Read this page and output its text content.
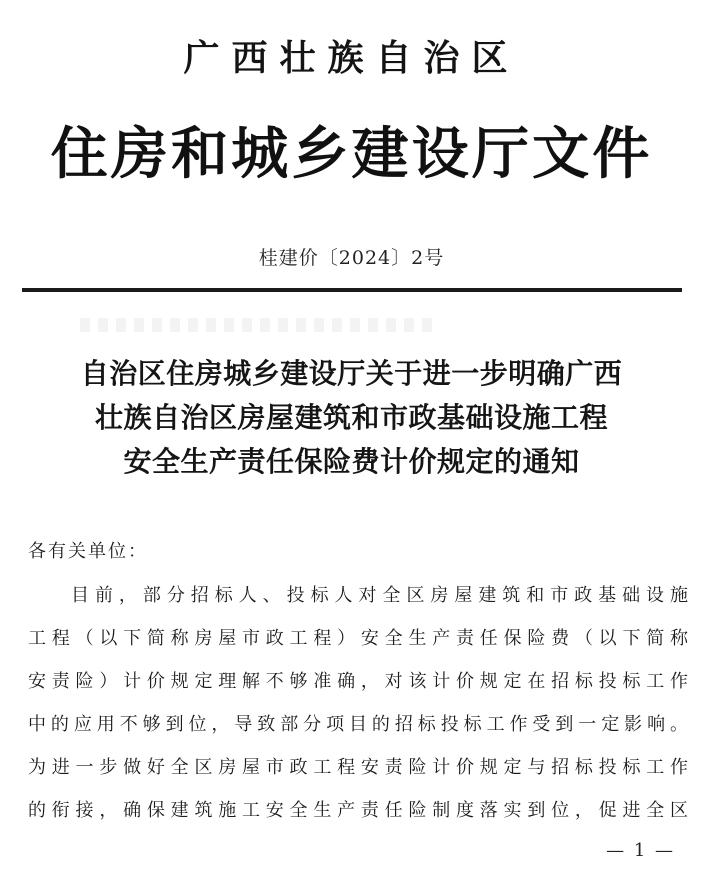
广西壮族自治区
住房和城乡建设厅文件
桂建价〔2024〕2号
自治区住房城乡建设厅关于进一步明确广西
壮族自治区房屋建筑和市政基础设施工程
安全生产责任保险费计价规定的通知
各有关单位：
目前，部分招标人、投标人对全区房屋建筑和市政基础设施
工程（以下简称房屋市政工程）安全生产责任保险费（以下简称
安责险）计价规定理解不够准确，对该计价规定在招标投标工作
中的应用不够到位，导致部分项目的招标投标工作受到一定影响。
为进一步做好全区房屋市政工程安责险计价规定与招标投标工作
的衔接，确保建筑施工安全生产责任险制度落实到位，促进全区
— 1 —
